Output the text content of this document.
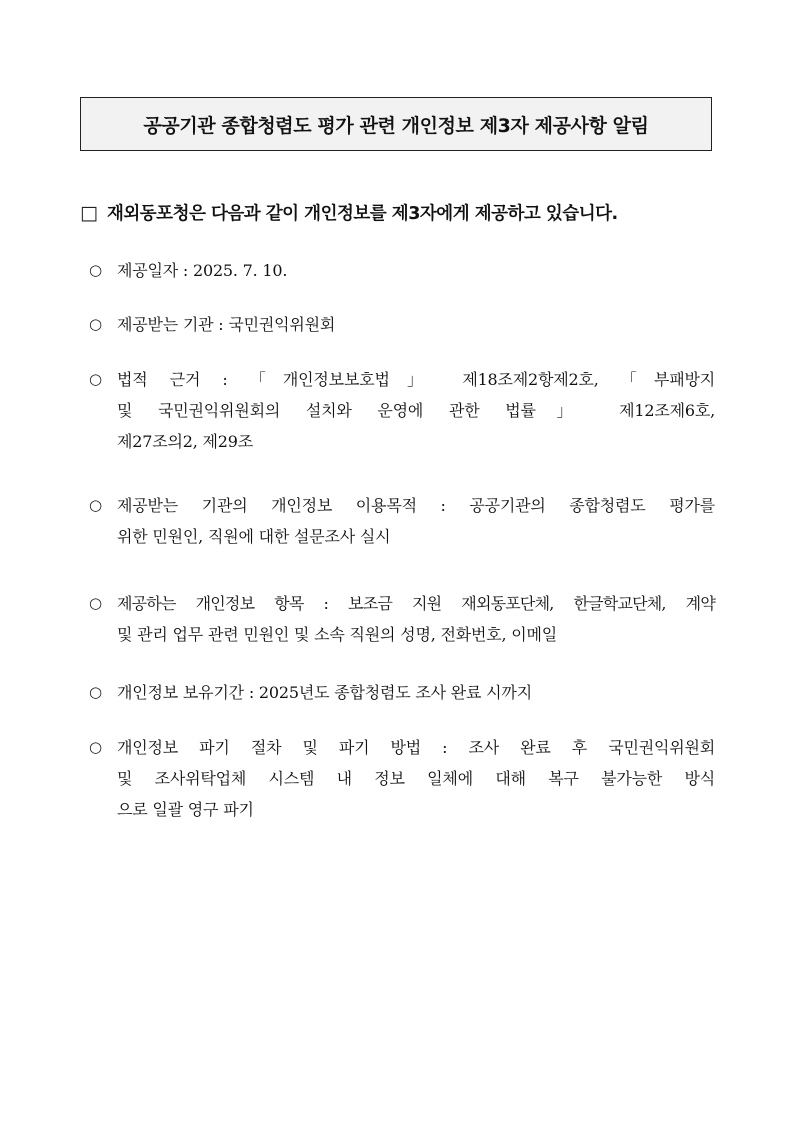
공공기관 종합청렴도 평가 관련 개인정보 제3자 제공사항 알림
□ 재외동포청은 다음과 같이 개인정보를 제3자에게 제공하고 있습니다.
○ 제공일자 : 2025. 7. 10.
○ 제공받는 기관 : 국민권익위원회
○ 법적 근거 : 「개인정보보호법」 제18조제2항제2호, 「부패방지
및 국민권익위원회의 설치와 운영에 관한 법률」 제12조제6호,
제27조의2, 제29조
○ 제공받는 기관의 개인정보 이용목적 : 공공기관의 종합청렴도 평가를
위한 민원인, 직원에 대한 설문조사 실시
○ 제공하는 개인정보 항목 : 보조금 지원 재외동포단체, 한글학교단체, 계약
및 관리 업무 관련 민원인 및 소속 직원의 성명, 전화번호, 이메일
○ 개인정보 보유기간 : 2025년도 종합청렴도 조사 완료 시까지
○ 개인정보 파기 절차 및 파기 방법 : 조사 완료 후 국민권익위원회
및 조사위탁업체 시스템 내 정보 일체에 대해 복구 불가능한 방식
으로 일괄 영구 파기
